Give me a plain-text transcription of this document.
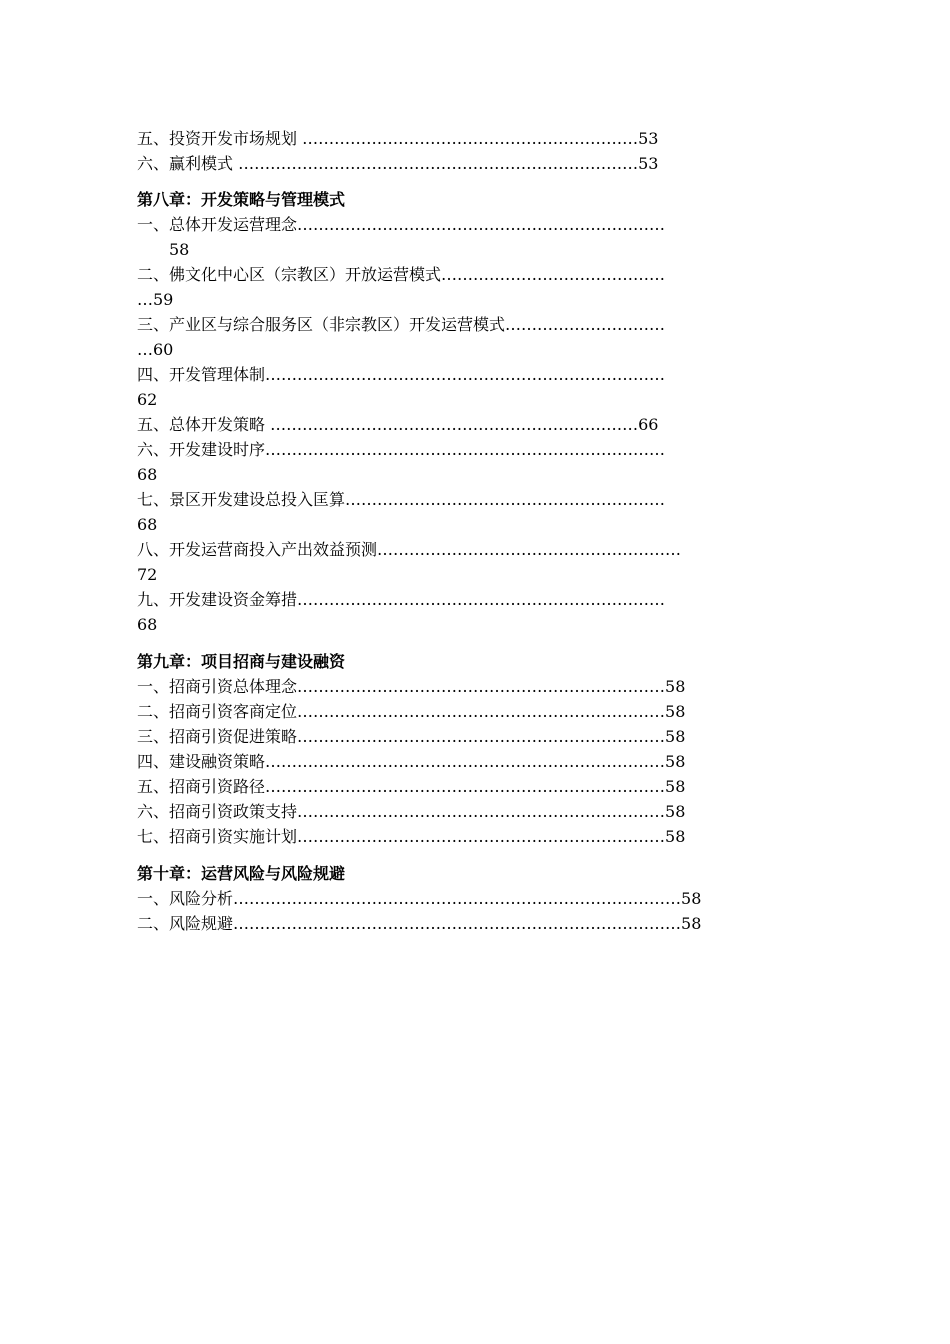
五、投资开发市场规划 ………………………………………………………53
六、赢利模式 …………………………………………………………………53
第八章：开发策略与管理模式
一、总体开发运营理念……………………………………………………………
58
二、佛文化中心区（宗教区）开放运营模式……………………………………
…59
三、产业区与综合服务区（非宗教区）开发运营模式…………………………
…60
四、开发管理体制…………………………………………………………………
62
五、总体开发策略 ……………………………………………………………66
六、开发建设时序…………………………………………………………………
68
七、景区开发建设总投入匡算……………………………………………………
68
八、开发运营商投入产出效益预测…………………………………………………
72
九、开发建设资金筹措……………………………………………………………
68
第九章：项目招商与建设融资
一、招商引资总体理念……………………………………………………………58
二、招商引资客商定位……………………………………………………………58
三、招商引资促进策略……………………………………………………………58
四、建设融资策略…………………………………………………………………58
五、招商引资路径…………………………………………………………………58
六、招商引资政策支持……………………………………………………………58
七、招商引资实施计划……………………………………………………………58
第十章：运营风险与风险规避
一、风险分析…………………………………………………………………………58
二、风险规避…………………………………………………………………………58
